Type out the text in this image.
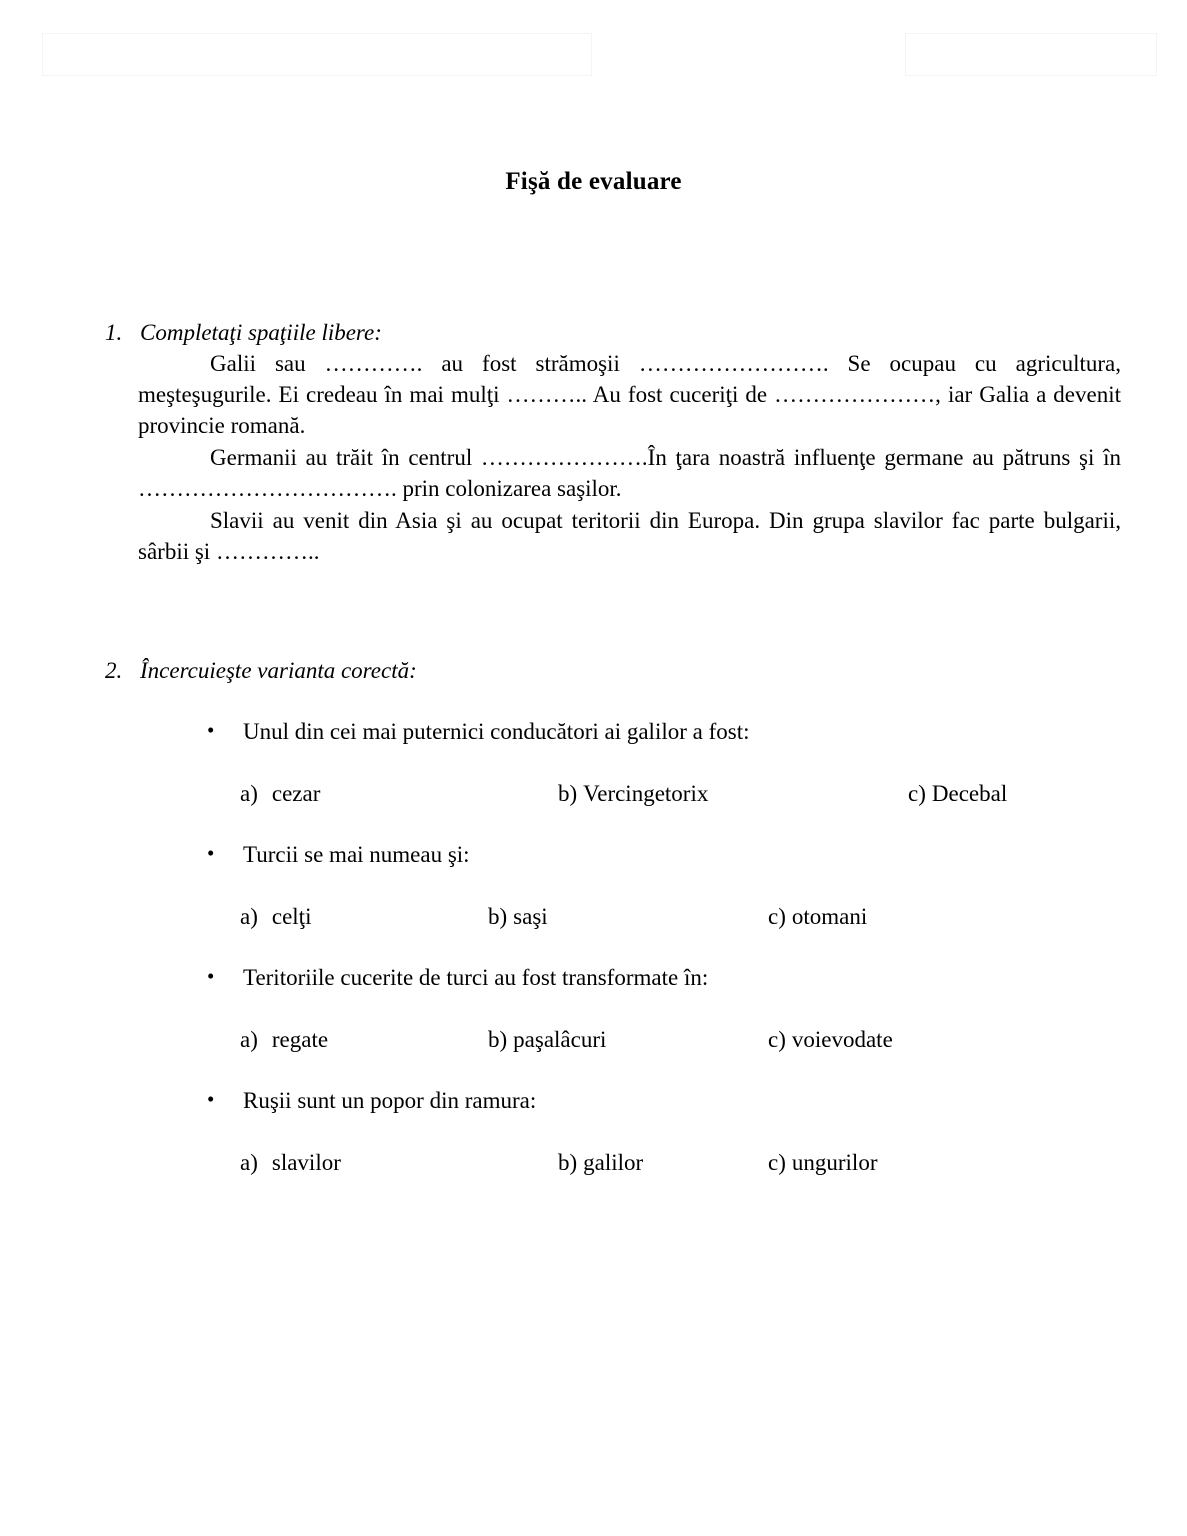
Fişă de evaluare
1. Completaţi spaţiile libere:

Galii sau …………. au fost strămoşii ……………………. Se ocupau cu agricultura, meşteşugurile. Ei credeau în mai mulţi ……….. Au fost cuceriţi de …………………, iar Galia a devenit provincie romană.

Germanii au trăit în centrul ………………….În ţara noastră influenţe germane au pătruns şi în ……………………………. prin colonizarea saşilor.

Slavii au venit din Asia şi au ocupat teritorii din Europa. Din grupa slavilor fac parte bulgarii, sârbii şi …………..

2. Încercuieşte varianta corectă:
• Unul din cei mai puternici conducători ai galilor a fost:
a) cezar	b) Vercingetorix	c) Decebal
• Turcii se mai numeau şi:
a) celţi	b) saşi	c) otomani
• Teritoriile cucerite de turci au fost transformate în:
a) regate	b) paşalâcuri	c) voievodate
• Ruşii sunt un popor din ramura:
a) slavilor	b) galilor	c) ungurilor
